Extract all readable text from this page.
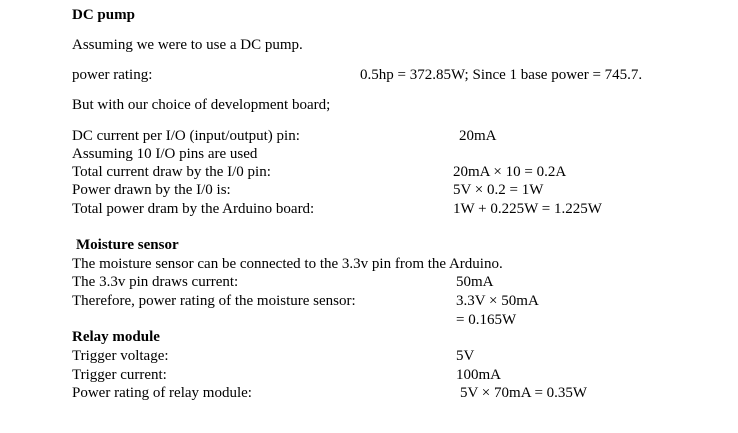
DC pump
Assuming we were to use a DC pump.
power rating:	0.5hp = 372.85W; Since 1 base power = 745.7.
But with our choice of development board;
DC current per I/O (input/output) pin:	20mA
Assuming 10 I/O pins are used
Total current draw by the I/0 pin:	20mA × 10 = 0.2A
Power drawn by the I/0 is:	5V × 0.2 = 1W
Total power dram by the Arduino board:	1W + 0.225W = 1.225W
Moisture sensor
The moisture sensor can be connected to the 3.3v pin from the Arduino.
The 3.3v pin draws current:	50mA
Therefore, power rating of the moisture sensor:	3.3V × 50mA
= 0.165W
Relay module
Trigger voltage:	5V
Trigger current:	100mA
Power rating of relay module:	5V × 70mA = 0.35W
